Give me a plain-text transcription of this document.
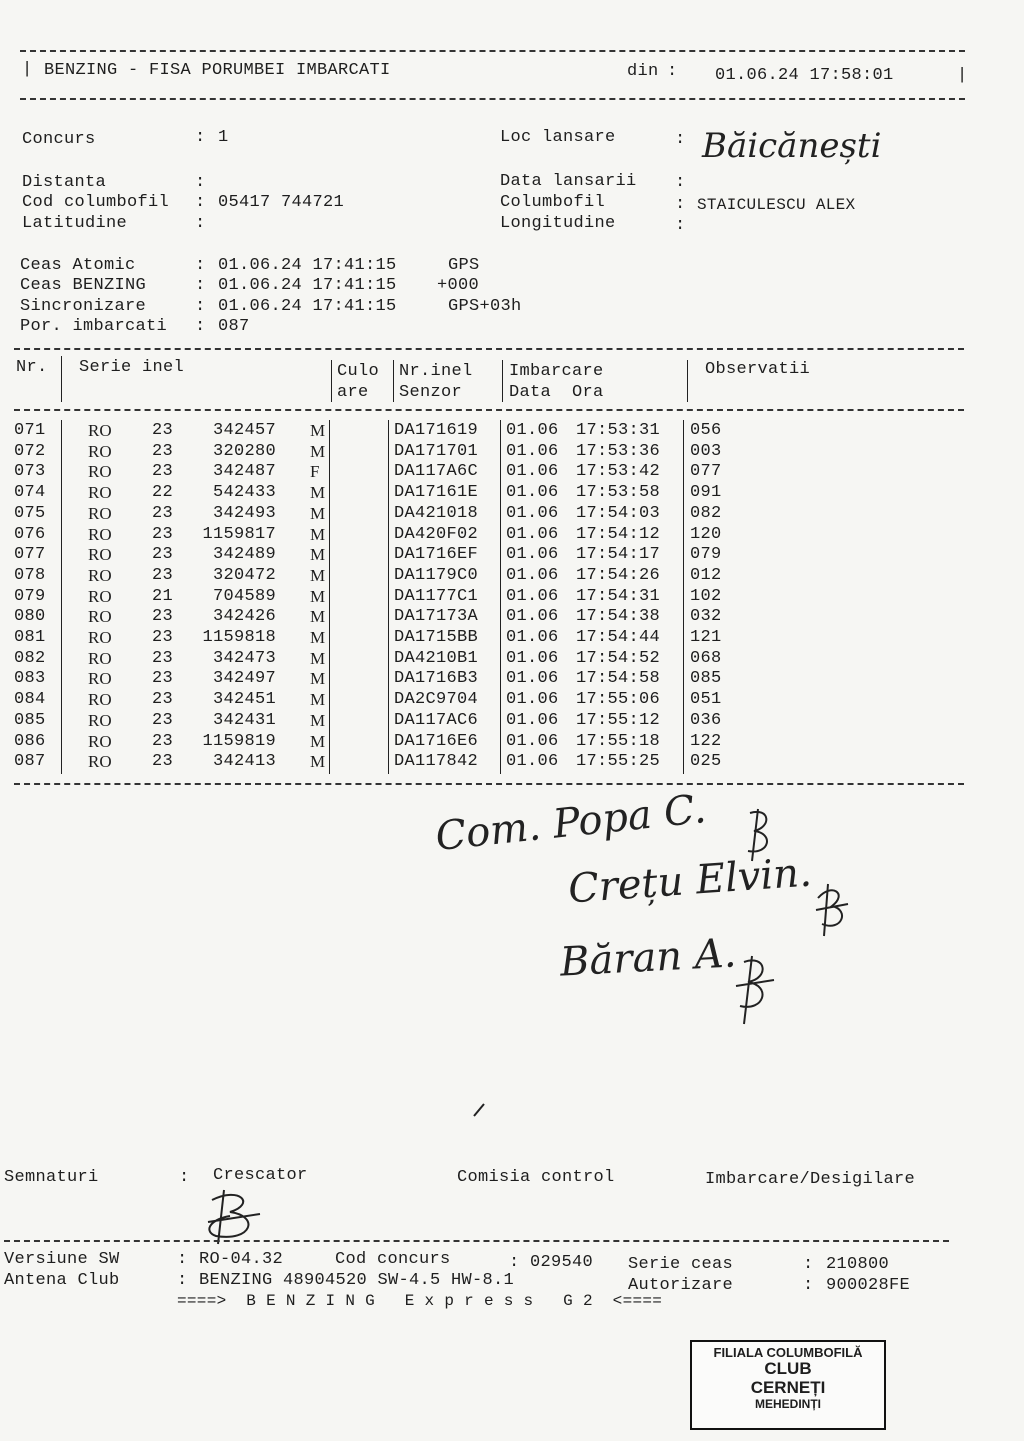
| BENZING - FISA PORUMBEI IMBARCATI	din : 01.06.24 17:58:01	|
Concurs	: 1
Distanta	:
Cod columbofil : 05417 744721
Latitudine	:
Loc lansare	: Băicănești
Data lansarii :
Columbofil	: STAICULESCU ALEX
Longitudine	:
Ceas Atomic	: 01.06.24 17:41:15	GPS
Ceas BENZING	: 01.06.24 17:41:15 +000
Sincronizare	: 01.06.24 17:41:15	GPS+03h
Por. imbarcati : 087
Nr. Serie inel	Culo
are
Nr.inel
Senzor
Imbarcare
Data  Ora
Observatii
071 RO 23	342457 M	DA171619 01.06 17:53:31 056
072 RO 23	320280 M	DA171701 01.06 17:53:36 003
073 RO 23	342487 F	DA117A6C 01.06 17:53:42 077
074 RO 22	542433 M	DA17161E 01.06 17:53:58 091
075 RO 23	342493 M	DA421018 01.06 17:54:03 082
076 RO 23	1159817 M	DA420F02 01.06 17:54:12 120
077 RO 23	342489 M	DA1716EF 01.06 17:54:17 079
078 RO 23	320472 M	DA1179C0 01.06 17:54:26 012
079 RO 21	704589 M	DA1177C1 01.06 17:54:31 102
080 RO 23	342426 M	DA17173A 01.06 17:54:38 032
081 RO 23	1159818 M	DA1715BB 01.06 17:54:44 121
082 RO 23	342473 M	DA4210B1 01.06 17:54:52 068
083 RO 23	342497 M	DA1716B3 01.06 17:54:58 085
084 RO 23	342451 M	DA2C9704 01.06 17:55:06 051
085 RO 23	342431 M	DA117AC6 01.06 17:55:12 036
086 RO 23	1159819 M	DA1716E6 01.06 17:55:18 122
087 RO 23	342413 M	DA117842 01.06 17:55:25 025
Com. Popa C.
Crețu Elvin.
Băran A.
Semnaturi	: Crescator	Comisia control	Imbarcare/Desigilare
Versiune SW	: RO-04.32	Cod concurs	: 029540 Serie ceas	: 210800
Antena Club	: BENZING 48904520 SW-4.5 HW-8.1	Autorizare	: 900028FE
====>  B E N Z I N G   E x p r e s s   G 2  <====
FILIALA COLUMBOFILĂ
CLUB
CERNEȚI
MEHEDINȚI
